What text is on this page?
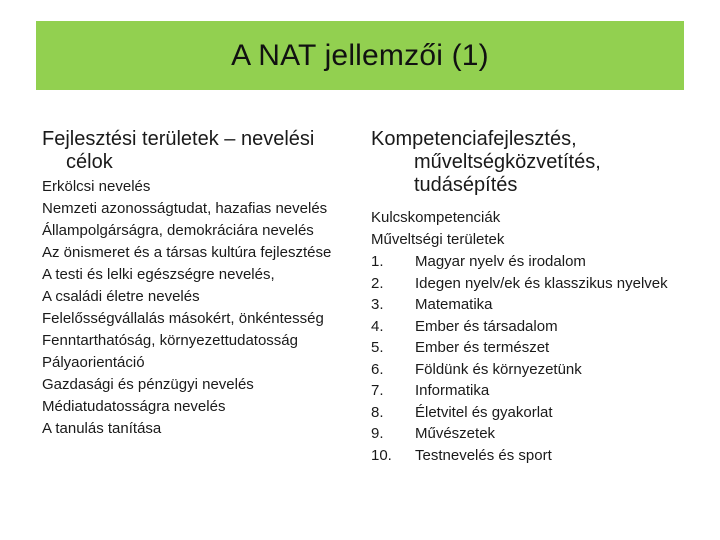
A NAT jellemzői (1)

Fejlesztési területek – nevelési célok

Erkölcsi nevelés
Nemzeti azonosságtudat, hazafias nevelés
Állampolgárságra, demokráciára nevelés
Az önismeret és a társas kultúra fejlesztése
A testi és lelki egészségre nevelés,
A családi életre nevelés
Felelősségvállalás másokért, önkéntesség
Fenntarthatóság, környezettudatosság
Pályaorientáció
Gazdasági és pénzügyi nevelés
Médiatudatosságra nevelés
A tanulás tanítása

Kompetenciafejlesztés, műveltségközvetítés, tudásépítés

Kulcskompetenciák
Műveltségi területek
1.	Magyar nyelv és irodalom
2.	Idegen nyelv/ek és klasszikus nyelvek
3.	Matematika
4.	Ember és társadalom
5.	Ember és természet
6.	Földünk és környezetünk
7.	Informatika
8.	Életvitel és gyakorlat
9.	Művészetek
10.	Testnevelés és sport
